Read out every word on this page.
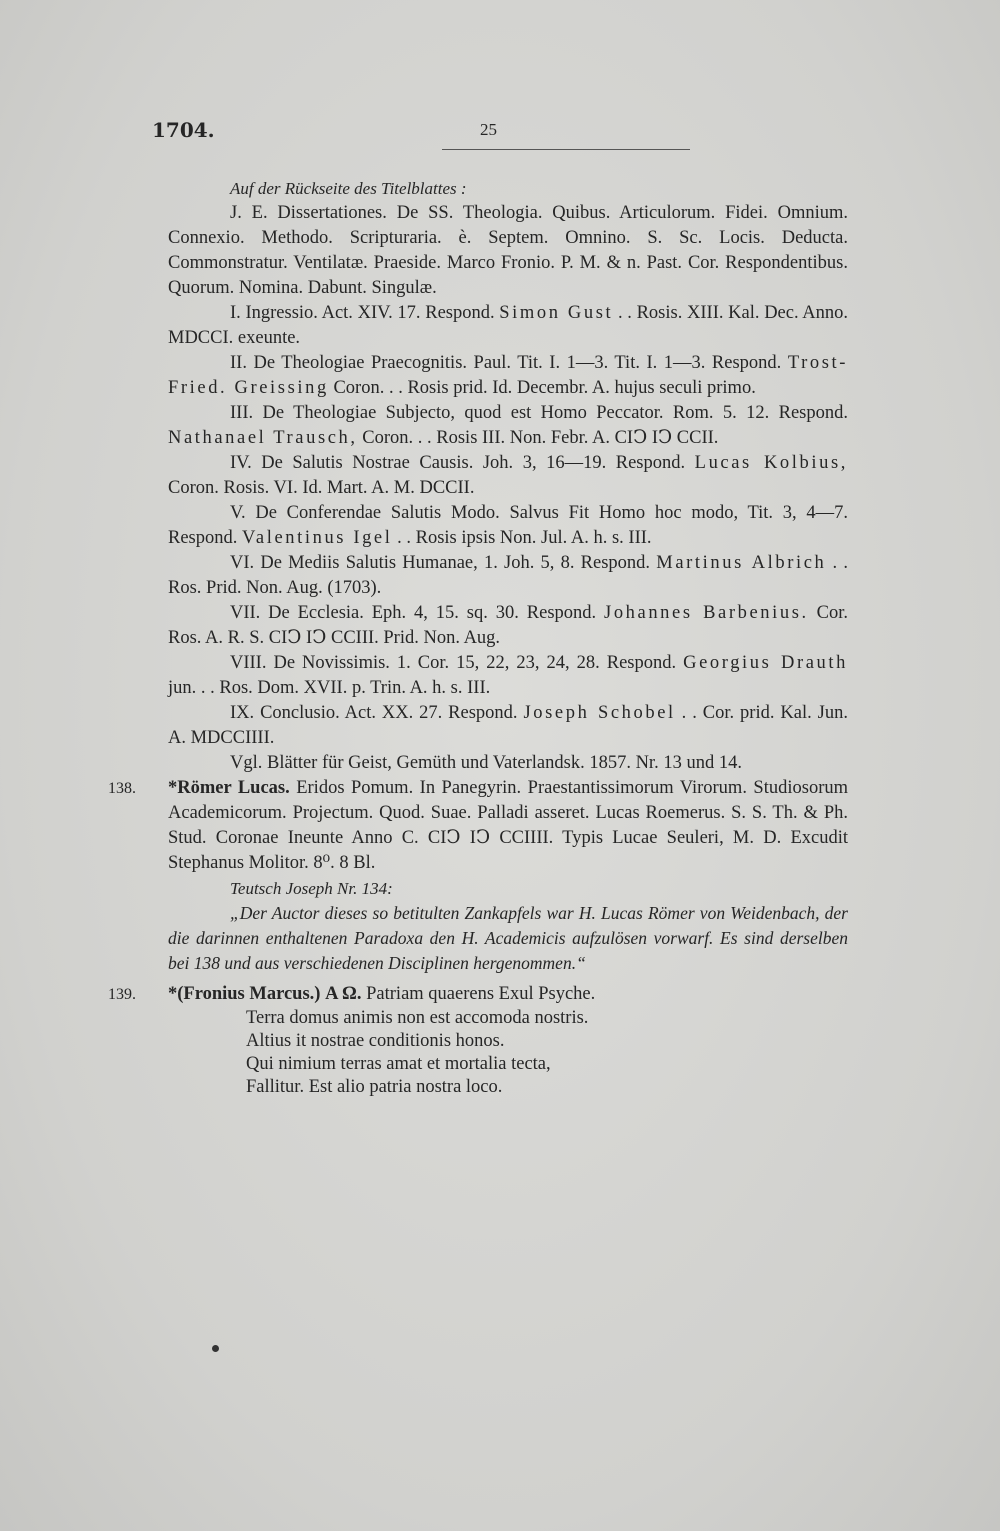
1704.	25

Auf der Rückseite des Titelblattes :

J. E. Dissertationes. De SS. Theologia. Quibus. Articulorum. Fidei. Omnium. Connexio. Methodo. Scripturaria. è. Septem. Omnino. S. Sc. Locis. Deducta. Commonstratur. Ventilatæ. Praeside. Marco Fronio. P. M. & n. Past. Cor. Respondentibus. Quorum. Nomina. Dabunt. Singulæ.

I. Ingressio. Act. XIV. 17. Respond. Simon Gust . . Rosis. XIII. Kal. Dec. Anno. MDCCI. exeunte.

II. De Theologiae Praecognitis. Paul. Tit. I. 1—3. Tit. I. 1—3. Respond. Trost-Fried. Greissing Coron. . . Rosis prid. Id. Decembr. A. hujus seculi primo.

III. De Theologiae Subjecto, quod est Homo Peccator. Rom. 5. 12. Respond. Nathanael Trausch, Coron. . . Rosis III. Non. Febr. A. CIↃ IↃ CCII.

IV. De Salutis Nostrae Causis. Joh. 3, 16—19. Respond. Lucas Kolbius, Coron. Rosis. VI. Id. Mart. A. M. DCCII.

V. De Conferendae Salutis Modo. Salvus Fit Homo hoc modo, Tit. 3, 4—7. Respond. Valentinus Igel . . Rosis ipsis Non. Jul. A. h. s. III.

VI. De Mediis Salutis Humanae, 1. Joh. 5, 8. Respond. Martinus Albrich . . Ros. Prid. Non. Aug. (1703).

VII. De Ecclesia. Eph. 4, 15. sq. 30. Respond. Johannes Barbenius. Cor. Ros. A. R. S. CIↃ IↃ CCIII. Prid. Non. Aug.

VIII. De Novissimis. 1. Cor. 15, 22, 23, 24, 28. Respond. Georgius Drauth jun. . . Ros. Dom. XVII. p. Trin. A. h. s. III.

IX. Conclusio. Act. XX. 27. Respond. Joseph Schobel . . Cor. prid. Kal. Jun. A. MDCCIIII.

Vgl. Blätter für Geist, Gemüth und Vaterlandsk. 1857. Nr. 13 und 14.

138. *Römer Lucas. Eridos Pomum. In Panegyrin. Praestantissimorum Virorum. Studiosorum Academicorum. Projectum. Quod. Suae. Palladi asseret. Lucas Roemerus. S. S. Th. & Ph. Stud. Coronae Ineunte Anno C. CIↃ IↃ CCIIII. Typis Lucae Seuleri, M. D. Excudit Stephanus Molitor. 8⁰. 8 Bl.

Teutsch Joseph Nr. 134:

„Der Auctor dieses so betitulten Zankapfels war H. Lucas Römer von Weidenbach, der die darinnen enthaltenen Paradoxa den H. Academicis aufzulösen vorwarf. Es sind derselben bei 138 und aus verschiedenen Disciplinen hergenommen.“

139. *(Fronius Marcus.) A Ω. Patriam quaerens Exul Psyche.

Terra domus animis non est accomoda nostris.
Altius it nostrae conditionis honos.
Qui nimium terras amat et mortalia tecta,
Fallitur. Est alio patria nostra loco.
